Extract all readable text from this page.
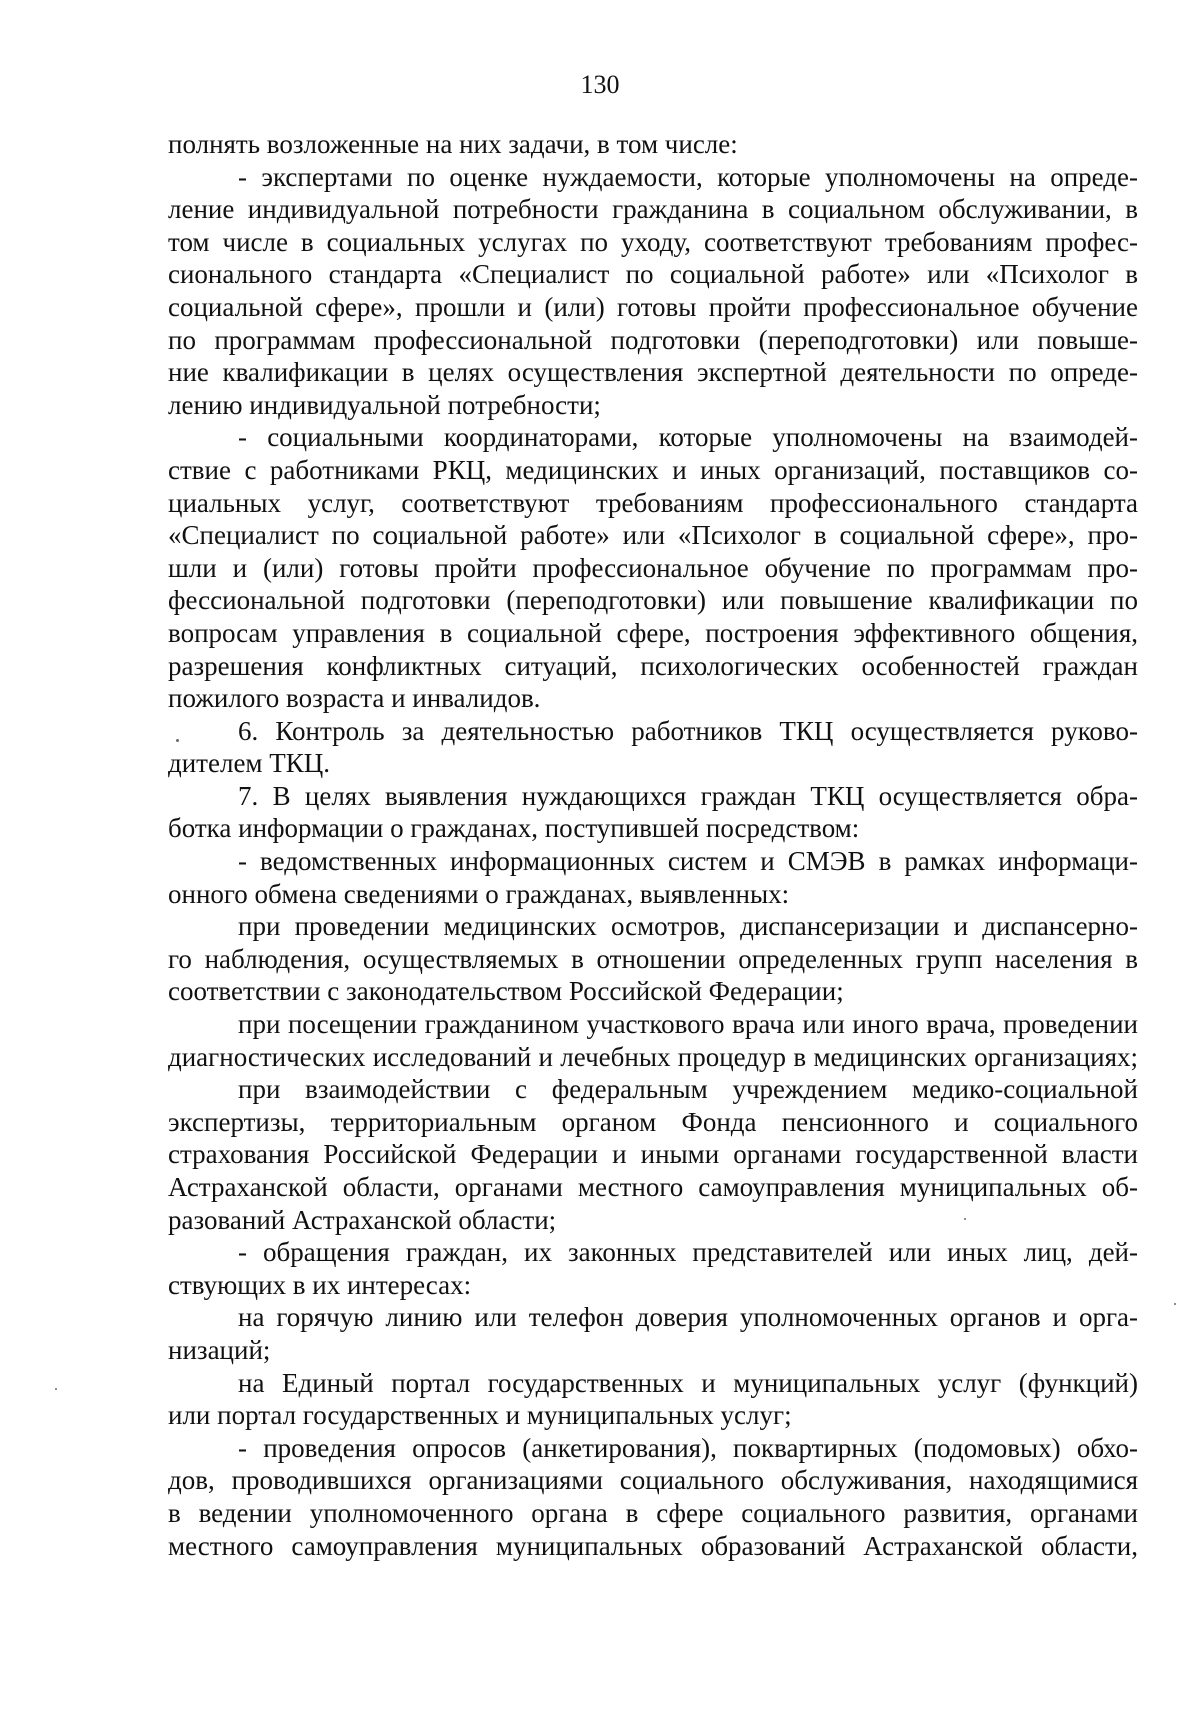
130
полнять возложенные на них задачи, в том числе:
- экспертами по оценке нуждаемости, которые уполномочены на опреде-
ление индивидуальной потребности гражданина в социальном обслуживании, в
том числе в социальных услугах по уходу, соответствуют требованиям профес-
сионального стандарта «Специалист по социальной работе» или «Психолог в
социальной сфере», прошли и (или) готовы пройти профессиональное обучение
по программам профессиональной подготовки (переподготовки) или повыше-
ние квалификации в целях осуществления экспертной деятельности по опреде-
лению индивидуальной потребности;
- социальными координаторами, которые уполномочены на взаимодей-
ствие с работниками РКЦ, медицинских и иных организаций, поставщиков со-
циальных услуг, соответствуют требованиям профессионального стандарта
«Специалист по социальной работе» или «Психолог в социальной сфере», про-
шли и (или) готовы пройти профессиональное обучение по программам про-
фессиональной подготовки (переподготовки) или повышение квалификации по
вопросам управления в социальной сфере, построения эффективного общения,
разрешения конфликтных ситуаций, психологических особенностей граждан
пожилого возраста и инвалидов.
6. Контроль за деятельностью работников ТКЦ осуществляется руково-
дителем ТКЦ.
7. В целях выявления нуждающихся граждан ТКЦ осуществляется обра-
ботка информации о гражданах, поступившей посредством:
- ведомственных информационных систем и СМЭВ в рамках информаци-
онного обмена сведениями о гражданах, выявленных:
при проведении медицинских осмотров, диспансеризации и диспансерно-
го наблюдения, осуществляемых в отношении определенных групп населения в
соответствии с законодательством Российской Федерации;
при посещении гражданином участкового врача или иного врача, проведении
диагностических исследований и лечебных процедур в медицинских организациях;
при взаимодействии с федеральным учреждением медико-социальной
экспертизы, территориальным органом Фонда пенсионного и социального
страхования Российской Федерации и иными органами государственной власти
Астраханской области, органами местного самоуправления муниципальных об-
разований Астраханской области;
- обращения граждан, их законных представителей или иных лиц, дей-
ствующих в их интересах:
на горячую линию или телефон доверия уполномоченных органов и орга-
низаций;
на Единый портал государственных и муниципальных услуг (функций)
или портал государственных и муниципальных услуг;
- проведения опросов (анкетирования), поквартирных (подомовых) обхо-
дов, проводившихся организациями социального обслуживания, находящимися
в ведении уполномоченного органа в сфере социального развития, органами
местного самоуправления муниципальных образований Астраханской области,
